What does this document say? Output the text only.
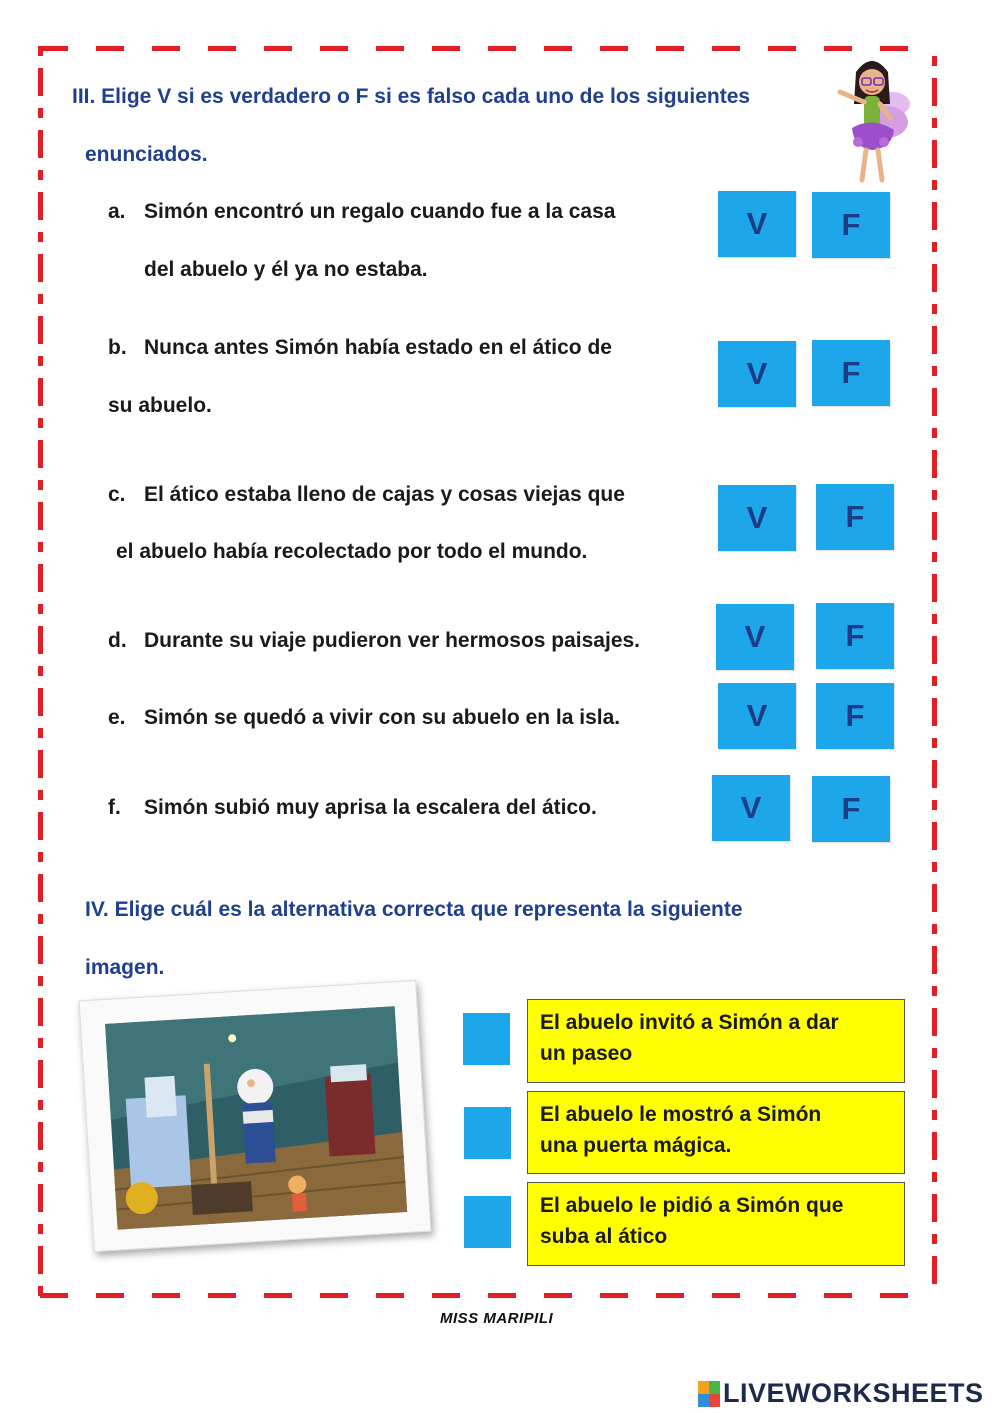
III. Elige V si es verdadero o F si es falso cada uno de los siguientes
enunciados.
a. Simón encontró un regalo cuando fue a la casa
del abuelo y él ya no estaba.
V	F
b. Nunca antes Simón había estado en el ático de
su abuelo.
V	F
c. El ático estaba lleno de cajas y cosas viejas que
el abuelo había recolectado por todo el mundo.
V	F
d. Durante su viaje pudieron ver hermosos paisajes.	V	F
e. Simón se quedó a vivir con su abuelo en la isla.	V	F
f. Simón subió muy aprisa la escalera del ático.	V	F
IV. Elige cuál es la alternativa correcta que representa la siguiente
imagen.
El abuelo invitó a Simón a dar
un paseo
El abuelo le mostró a Simón
una puerta mágica.
El abuelo le pidió a Simón que
suba al ático
MISS MARIPILI
LIVEWORKSHEETS
